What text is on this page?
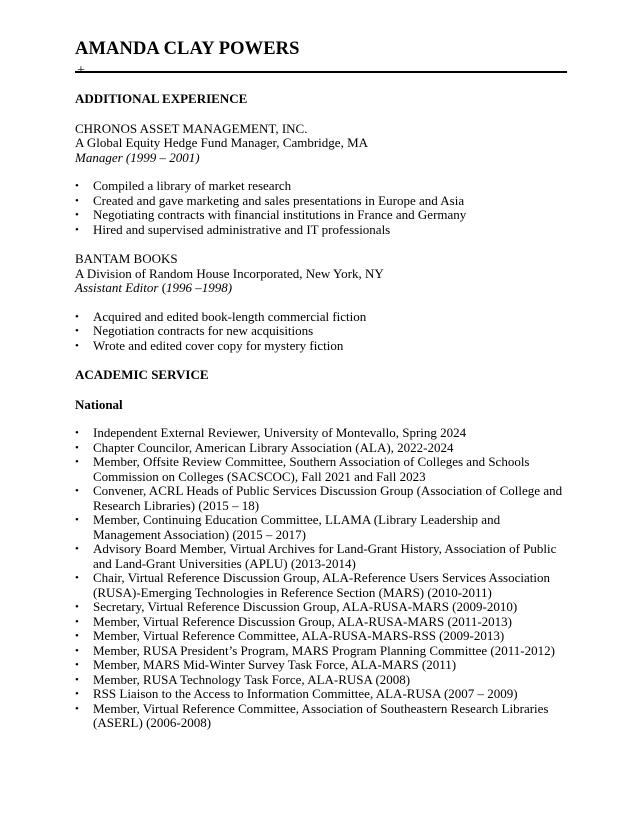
AMANDA CLAY POWERS
+
ADDITIONAL EXPERIENCE
CHRONOS ASSET MANAGEMENT, INC.
A Global Equity Hedge Fund Manager, Cambridge, MA
Manager (1999 – 2001)
• Compiled a library of market research
• Created and gave marketing and sales presentations in Europe and Asia
• Negotiating contracts with financial institutions in France and Germany
• Hired and supervised administrative and IT professionals
BANTAM BOOKS
A Division of Random House Incorporated, New York, NY
Assistant Editor (1996 –1998)
• Acquired and edited book-length commercial fiction
• Negotiation contracts for new acquisitions
• Wrote and edited cover copy for mystery fiction
ACADEMIC SERVICE
National
• Independent External Reviewer, University of Montevallo, Spring 2024
• Chapter Councilor, American Library Association (ALA), 2022-2024
• Member, Offsite Review Committee, Southern Association of Colleges and Schools Commission on Colleges (SACSCOC), Fall 2021 and Fall 2023
• Convener, ACRL Heads of Public Services Discussion Group (Association of College and Research Libraries) (2015 – 18)
• Member, Continuing Education Committee, LLAMA (Library Leadership and Management Association) (2015 – 2017)
• Advisory Board Member, Virtual Archives for Land-Grant History, Association of Public and Land-Grant Universities (APLU) (2013-2014)
• Chair, Virtual Reference Discussion Group, ALA-Reference Users Services Association (RUSA)-Emerging Technologies in Reference Section (MARS) (2010-2011)
• Secretary, Virtual Reference Discussion Group, ALA-RUSA-MARS (2009-2010)
• Member, Virtual Reference Discussion Group, ALA-RUSA-MARS (2011-2013)
• Member, Virtual Reference Committee, ALA-RUSA-MARS-RSS (2009-2013)
• Member, RUSA President’s Program, MARS Program Planning Committee (2011-2012)
• Member, MARS Mid-Winter Survey Task Force, ALA-MARS (2011)
• Member, RUSA Technology Task Force, ALA-RUSA (2008)
• RSS Liaison to the Access to Information Committee, ALA-RUSA (2007 – 2009)
• Member, Virtual Reference Committee, Association of Southeastern Research Libraries (ASERL) (2006-2008)
